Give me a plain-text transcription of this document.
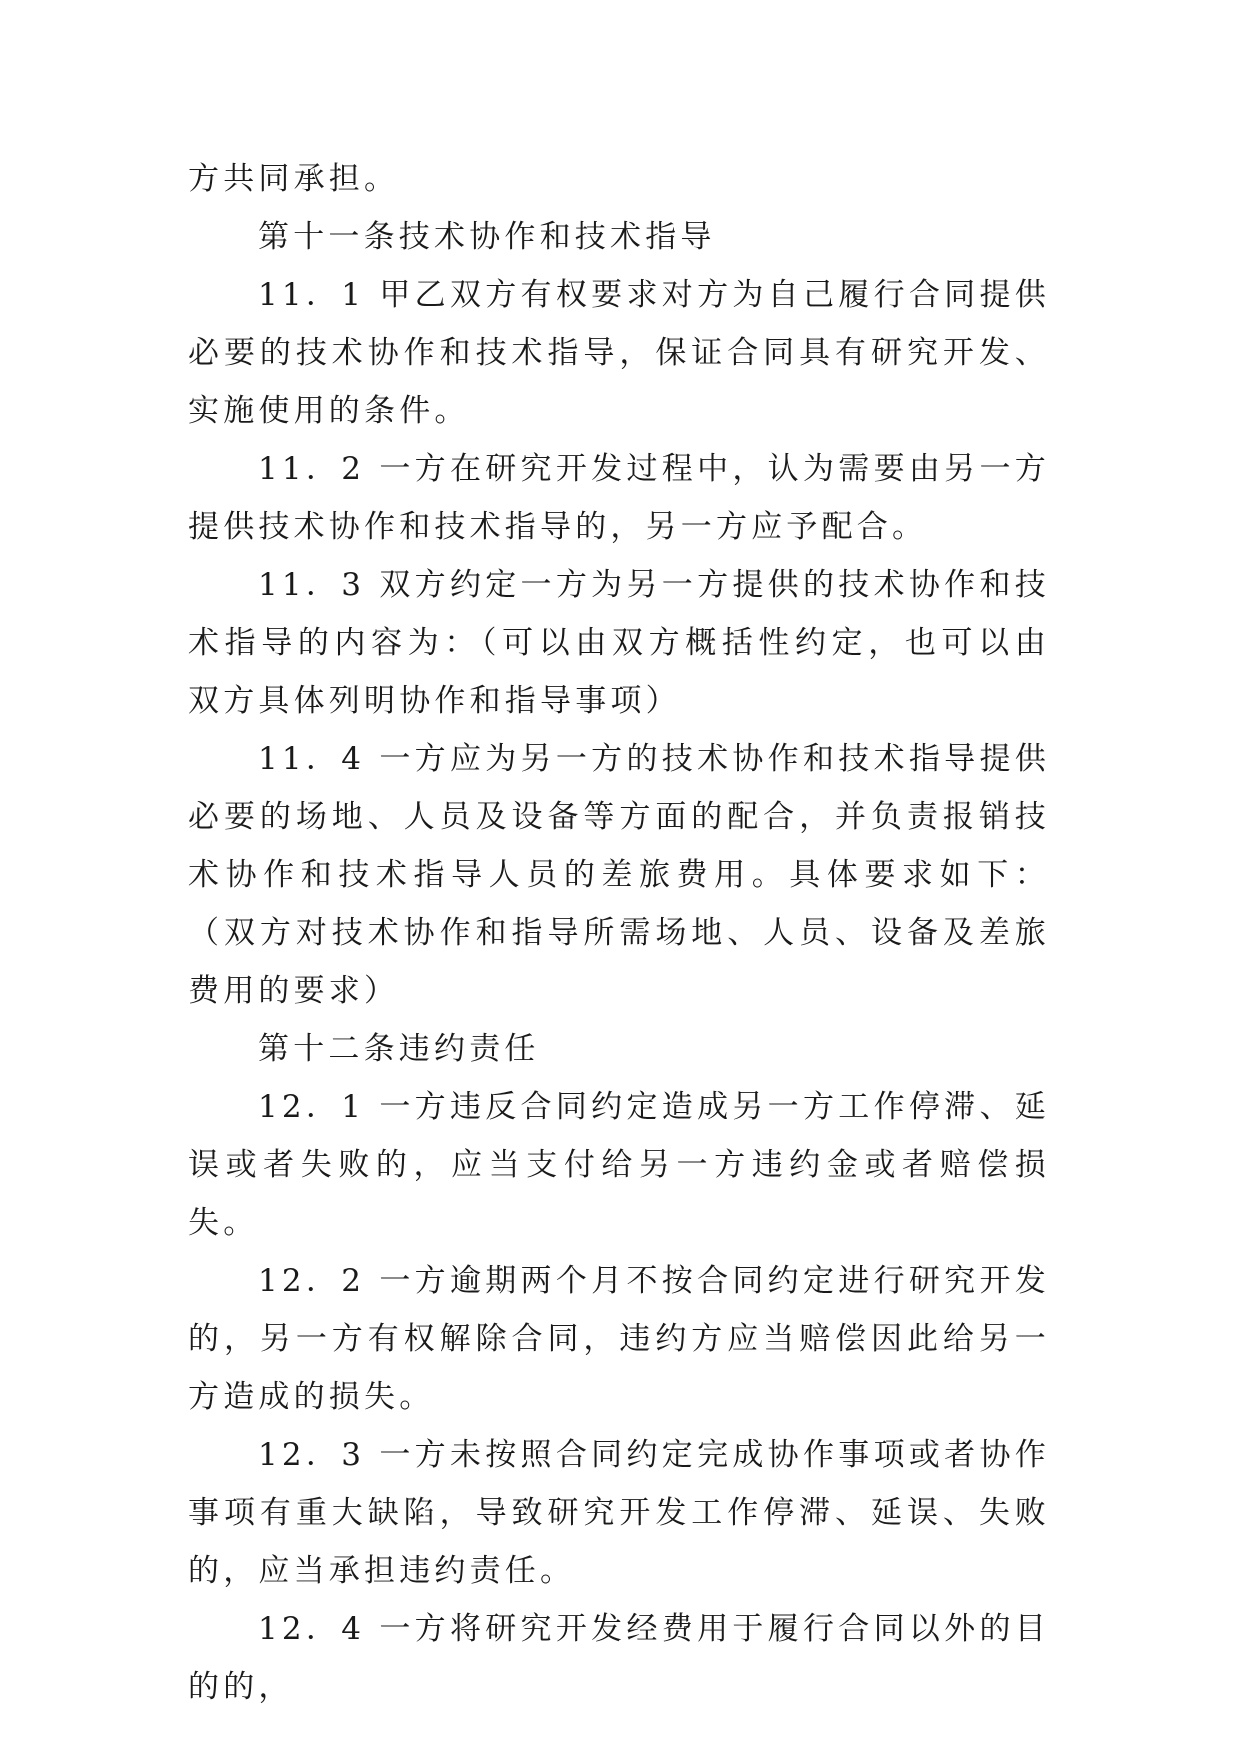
方共同承担。

第十一条技术协作和技术指导

11．1 甲乙双方有权要求对方为自己履行合同提供必要的技术协作和技术指导，保证合同具有研究开发、实施使用的条件。

11．2 一方在研究开发过程中，认为需要由另一方提供技术协作和技术指导的，另一方应予配合。

11．3 双方约定一方为另一方提供的技术协作和技术指导的内容为：（可以由双方概括性约定，也可以由双方具体列明协作和指导事项）

11．4 一方应为另一方的技术协作和技术指导提供必要的场地、人员及设备等方面的配合，并负责报销技术协作和技术指导人员的差旅费用。具体要求如下：（双方对技术协作和指导所需场地、人员、设备及差旅费用的要求）

第十二条违约责任

12．1 一方违反合同约定造成另一方工作停滞、延误或者失败的，应当支付给另一方违约金或者赔偿损失。

12．2 一方逾期两个月不按合同约定进行研究开发的，另一方有权解除合同，违约方应当赔偿因此给另一方造成的损失。

12．3 一方未按照合同约定完成协作事项或者协作事项有重大缺陷，导致研究开发工作停滞、延误、失败的，应当承担违约责任。

12．4 一方将研究开发经费用于履行合同以外的目的的，
